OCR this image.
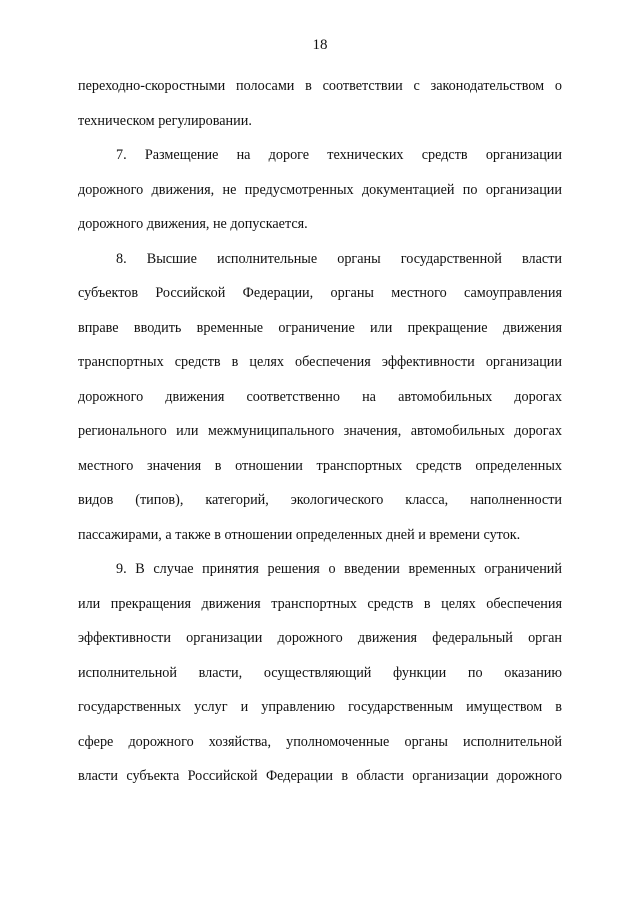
18
переходно-скоростными полосами в соответствии с законодательством о
техническом регулировании.
7. Размещение на дороге технических средств организации
дорожного движения, не предусмотренных документацией по организации
дорожного движения, не допускается.
8. Высшие исполнительные органы государственной власти
субъектов Российской Федерации, органы местного самоуправления
вправе вводить временные ограничение или прекращение движения
транспортных средств в целях обеспечения эффективности организации
дорожного движения соответственно на автомобильных дорогах
регионального или межмуниципального значения, автомобильных дорогах
местного значения в отношении транспортных средств определенных
видов (типов), категорий, экологического класса, наполненности
пассажирами, а также в отношении определенных дней и времени суток.
9. В случае принятия решения о введении временных ограничений
или прекращения движения транспортных средств в целях обеспечения
эффективности организации дорожного движения федеральный орган
исполнительной власти, осуществляющий функции по оказанию
государственных услуг и управлению государственным имуществом в
сфере дорожного хозяйства, уполномоченные органы исполнительной
власти субъекта Российской Федерации в области организации дорожного
